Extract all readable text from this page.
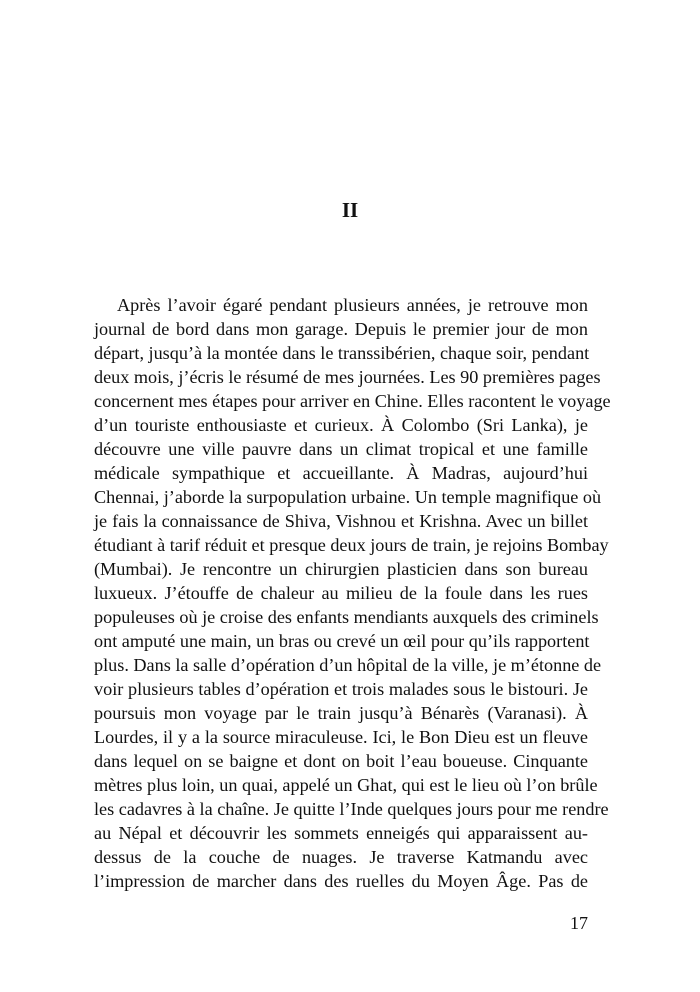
II
Après l’avoir égaré pendant plusieurs années, je retrouve mon
journal de bord dans mon garage. Depuis le premier jour de mon
départ, jusqu’à la montée dans le transsibérien, chaque soir, pendant
deux mois, j’écris le résumé de mes journées. Les 90 premières pages
concernent mes étapes pour arriver en Chine. Elles racontent le voyage
d’un touriste enthousiaste et curieux. À Colombo (Sri Lanka), je
découvre une ville pauvre dans un climat tropical et une famille
médicale sympathique et accueillante. À Madras, aujourd’hui
Chennai, j’aborde la surpopulation urbaine. Un temple magnifique où
je fais la connaissance de Shiva, Vishnou et Krishna. Avec un billet
étudiant à tarif réduit et presque deux jours de train, je rejoins Bombay
(Mumbai). Je rencontre un chirurgien plasticien dans son bureau
luxueux. J’étouffe de chaleur au milieu de la foule dans les rues
populeuses où je croise des enfants mendiants auxquels des criminels
ont amputé une main, un bras ou crevé un œil pour qu’ils rapportent
plus. Dans la salle d’opération d’un hôpital de la ville, je m’étonne de
voir plusieurs tables d’opération et trois malades sous le bistouri. Je
poursuis mon voyage par le train jusqu’à Bénarès (Varanasi). À
Lourdes, il y a la source miraculeuse. Ici, le Bon Dieu est un fleuve
dans lequel on se baigne et dont on boit l’eau boueuse. Cinquante
mètres plus loin, un quai, appelé un Ghat, qui est le lieu où l’on brûle
les cadavres à la chaîne. Je quitte l’Inde quelques jours pour me rendre
au Népal et découvrir les sommets enneigés qui apparaissent au-
dessus de la couche de nuages. Je traverse Katmandu avec
l’impression de marcher dans des ruelles du Moyen Âge. Pas de
17
